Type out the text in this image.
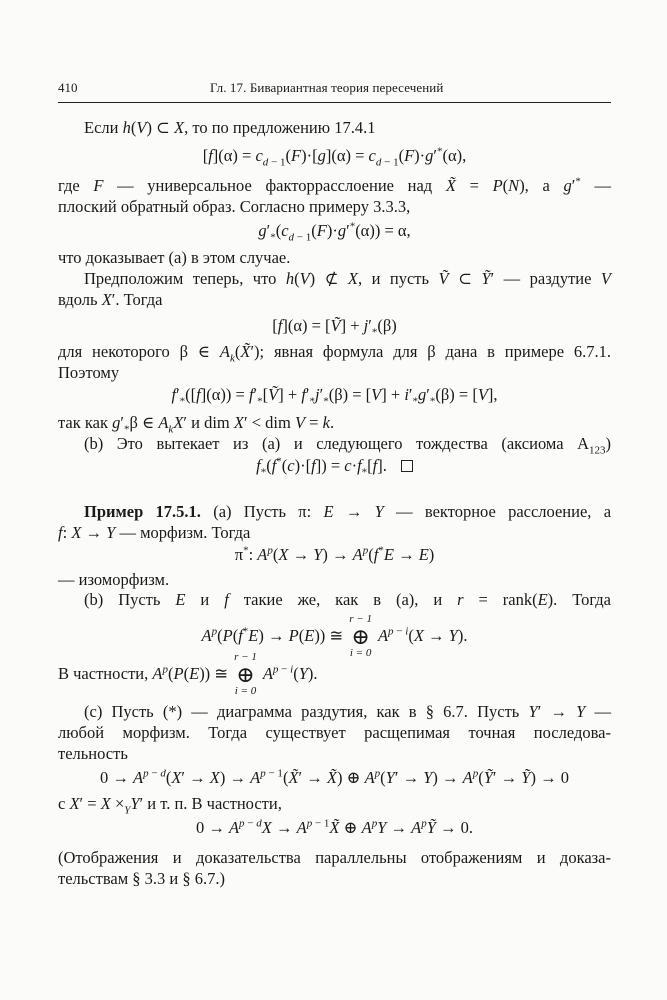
410	Гл. 17. Бивариантная теория пересечений
Если h(V) ⊂ X, то по предложению 17.4.1
$[f](\alpha) = c_{d - 1}(F)\cdot[g](\alpha) = c_{d - 1}(F)\cdot g'^*(\alpha)$,
где F — универсальное факторрасслоение над X̃ = P(N), а g′* —
плоский обратный образ. Согласно примеру 3.3.3,
$g'_*(c_{d - 1}(F)\cdot g'^*(\alpha)) = \alpha$,
что доказывает (а) в этом случае.
Предположим теперь, что h(V) ⊄ X, и пусть Ṽ ⊂ Ỹ′ — раздутие V
вдоль X′. Тогда
[f](α) = [Ṽ] + $j'_*(\beta)$
для некоторого β ∈ $A_k(X̃')$; явная формула для β дана в примере 6.7.1.
Поэтому
$f'_*([f](\alpha))$ = $f'_*[Ṽ] + f'_*j'_*(\beta) = [V] + i'_*g'_*(\beta) = [V]$,
так как $g'_*\beta$ ∈ $A_kX'$ и dim X′ < dim V = k.
(b) Это вытекает из (а) и следующего тождества (аксиома $A_{123}$)
$f_*(f^*(c)\cdot[f]) = c\cdot f_*[f]$.
Пример 17.5.1. (a) Пусть π: E → Y — векторное расслоение, а
f: X → Y — морфизм. Тогда
π*: $A^p(X \to Y) \to A^p(f^*E \to E)$
— изоморфизм.
(b) Пусть E и f такие же, как в (а), и r = rank(E). Тогда
$A^p(P(f^*E) \to P(E))$ ≅ ⊕
r − 1
i = 0
$A^{p - i}(X \to Y)$.
В частности, $A^p(P(E))$ ≅ ⊕
r − 1
i = 0
$A^{p - i}(Y)$.
(c) Пусть (*) — диаграмма раздутия, как в § 6.7. Пусть Y′ → Y —
любой морфизм. Тогда существует расщепимая точная последова-
тельность
$0 \to A^{p - d}(X' \to X)$ → $A^{p - 1}(X̃'$ → X̃) ⊕ $A^p(Y' \to Y)$ → $A^p(Ỹ'$ → Ỹ) → 0
с $X' = X \times_YY'$ и т. п. В частности,
$0 \to A^{p - d}X$ → $A^{p - 1}X̃$ ⊕ $A^pY$ → $A^pỸ \to 0$.
(Отображения и доказательства параллельны отображениям и доказа-
тельствам § 3.3 и § 6.7.)
